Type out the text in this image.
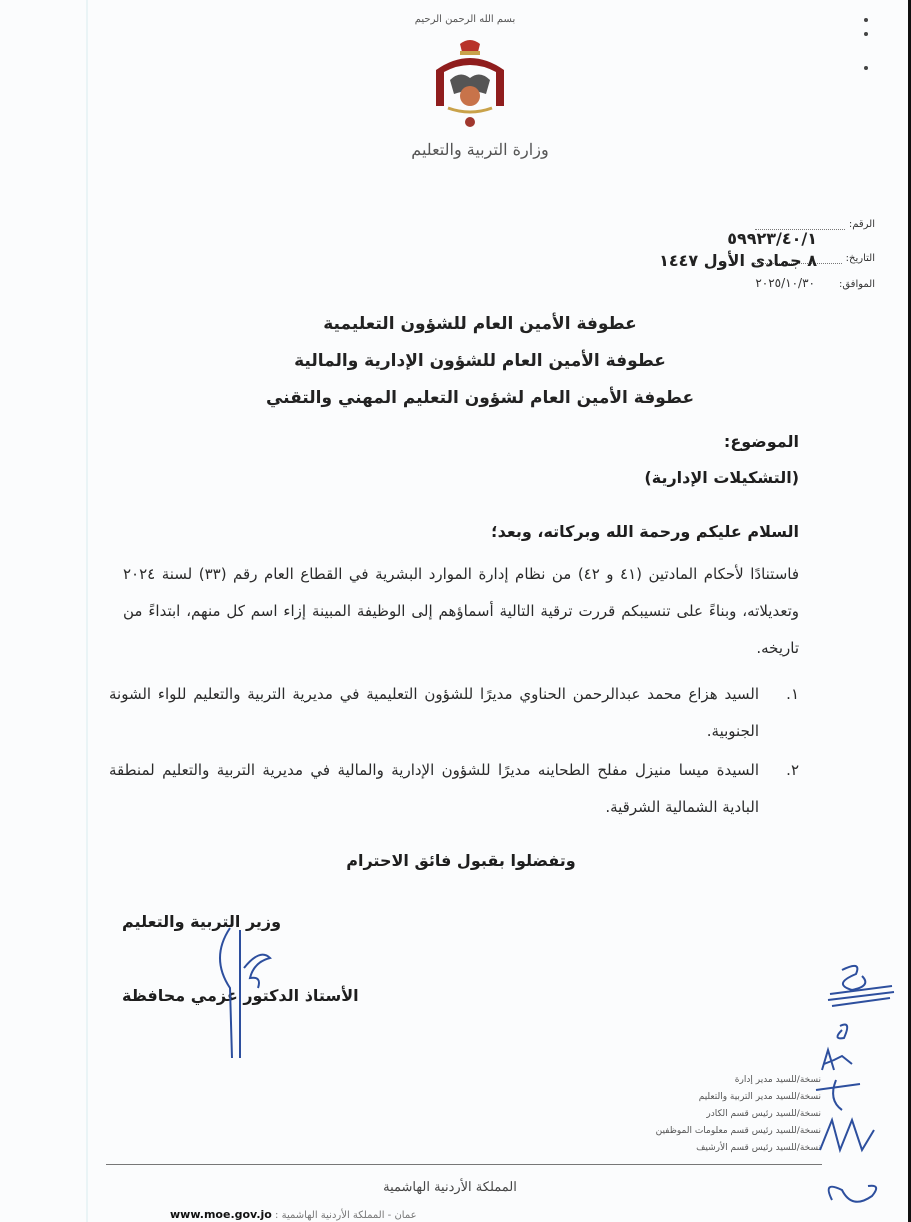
بسم الله الرحمن الرحيم
وزارة التربية والتعليم
الرقم:
التاريخ:
الموافق:
٥٩٩٢٣/٤٠/١
٨ جمادى الأول ١٤٤٧
٢٠٢٥/١٠/٣٠
عطوفة الأمين العام للشؤون التعليمية
عطوفة الأمين العام للشؤون الإدارية والمالية
عطوفة الأمين العام لشؤون التعليم المهني والتقني
الموضوع:
(التشكيلات الإدارية)
السلام عليكم ورحمة الله وبركاته، وبعد؛
فاستنادًا لأحكام المادتين (٤١ و ٤٢) من نظام إدارة الموارد البشرية في القطاع العام رقم (٣٣) لسنة ٢٠٢٤ وتعديلاته، وبناءً على تنسيبكم قررت ترقية التالية أسماؤهم إلى الوظيفة المبينة إزاء اسم كل منهم، ابتداءً من تاريخه.
١.
السيد هزاع محمد عبدالرحمن الحناوي مديرًا للشؤون التعليمية في مديرية التربية والتعليم للواء الشونة الجنوبية.
٢.
السيدة ميسا منيزل مفلح الطحاينه مديرًا للشؤون الإدارية والمالية في مديرية التربية والتعليم لمنطقة البادية الشمالية الشرقية.
وتفضلوا بقبول فائق الاحترام
وزير التربية والتعليم
الأستاذ الدكتور عزمي محافظة
نسخة/للسيد مدير إدارة
نسخة/للسيد مدير التربية والتعليم
نسخة/للسيد رئيس قسم الكادر
نسخة/للسيد رئيس قسم معلومات الموظفين
نسخة/للسيد رئيس قسم الأرشيف
المملكة الأردنية الهاشمية
www.moe.gov.jo : عمان - المملكة الأردنية الهاشمية
